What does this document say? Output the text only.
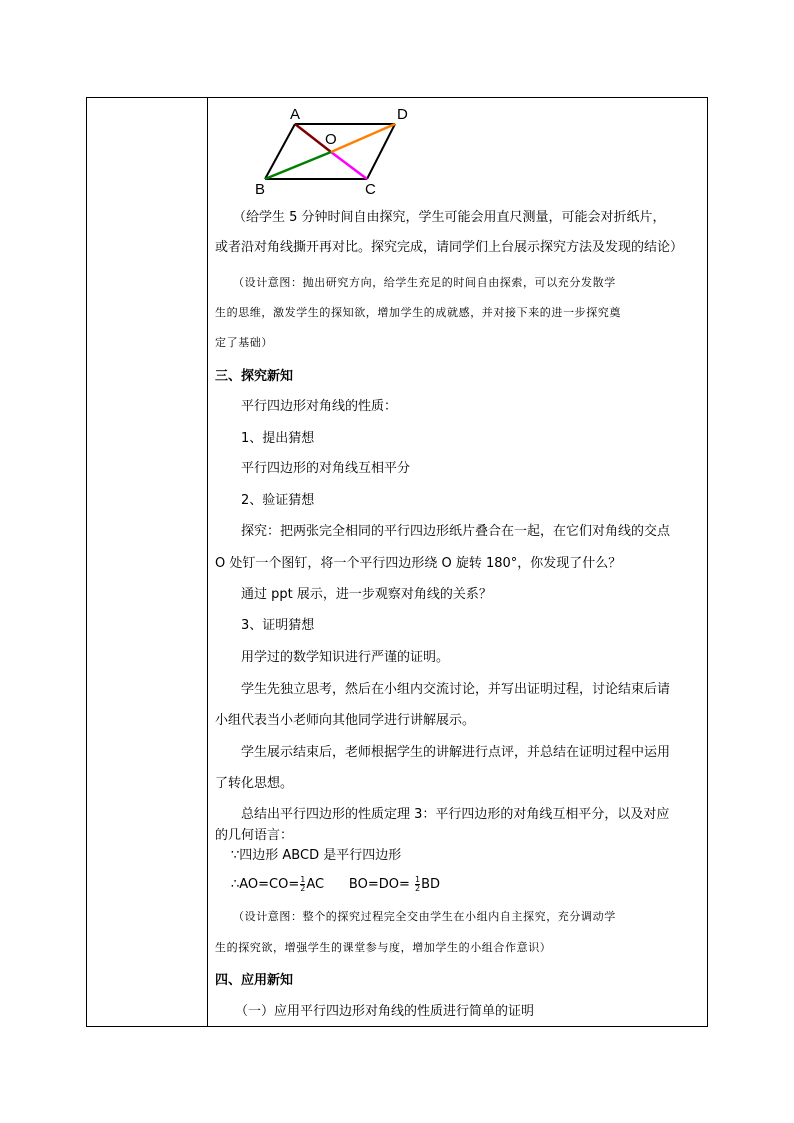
A	D
O
B	C
（给学生 5 分钟时间自由探究，学生可能会用直尺测量，可能会对折纸片，
或者沿对角线撕开再对比。探究完成，请同学们上台展示探究方法及发现的结论）
（设计意图：抛出研究方向，给学生充足的时间自由探索，可以充分发散学
生的思维，激发学生的探知欲，增加学生的成就感，并对接下来的进一步探究奠
定了基础）
三、探究新知
平行四边形对角线的性质：
1、提出猜想
平行四边形的对角线互相平分
2、验证猜想
探究：把两张完全相同的平行四边形纸片叠合在一起，在它们对角线的交点
O 处钉一个图钉，将一个平行四边形绕 O 旋转 180°，你发现了什么？
通过 ppt 展示，进一步观察对角线的关系？
3、证明猜想
用学过的数学知识进行严谨的证明。
学生先独立思考，然后在小组内交流讨论，并写出证明过程，讨论结束后请
小组代表当小老师向其他同学进行讲解展示。
学生展示结束后，老师根据学生的讲解进行点评，并总结在证明过程中运用
了转化思想。
总结出平行四边形的性质定理 3：平行四边形的对角线互相平分，以及对应
的几何语言：
∵四边形 ABCD 是平行四边形
∴AO=CO= $\frac{1}{2}$ AC $BO=DO= \frac{1}{2}$ BD
（设计意图：整个的探究过程完全交由学生在小组内自主探究，充分调动学
生的探究欲，增强学生的课堂参与度，增加学生的小组合作意识）
四、应用新知
（一）应用平行四边形对角线的性质进行简单的证明
